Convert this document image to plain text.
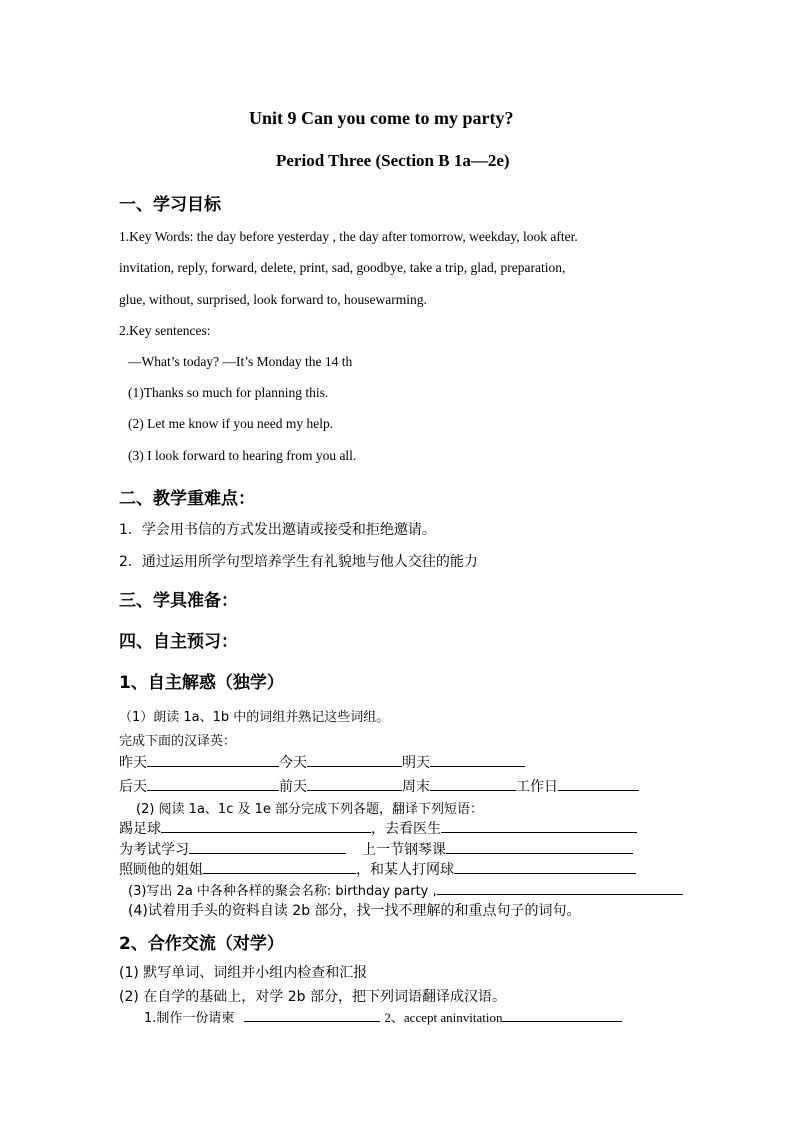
Unit 9 Can you come to my party?
Period Three (Section B 1a—2e)
一、学习目标
1.Key Words: the day before yesterday , the day after tomorrow, weekday, look after.
invitation, reply, forward, delete, print, sad, goodbye, take a trip, glad, preparation,
glue, without, surprised, look forward to, housewarming.
2.Key sentences:
—What’s today? —It’s Monday the 14 th
(1)Thanks so much for planning this.
(2) Let me know if you need my help.
(3) I look forward to hearing from you all.
二、教学重难点：
1．学会用书信的方式发出邀请或接受和拒绝邀请。
2．通过运用所学句型培养学生有礼貌地与他人交往的能力
三、学具准备：
四、自主预习：
1、自主解惑（独学）
（1）朗读 1a、1b 中的词组并熟记这些词组。
完成下面的汉译英：
昨天	今天	明天
后天	前天	周末	工作日
(2) 阅读 1a、1c 及 1e 部分完成下列各题，翻译下列短语：
踢足球	，去看医生
为考试学习	上一节钢琴课
照顾他的姐姐	，和某人打网球
(3)写出 2a 中各种各样的聚会名称: birthday party ,
(4)试着用手头的资料自读 2b 部分，找一找不理解的和重点句子的词句。
2、合作交流（对学）
(1) 默写单词、词组并小组内检查和汇报
(2) 在自学的基础上，对学 2b 部分，把下列词语翻译成汉语。
1.制作一份请柬	2、accept aninvitation
